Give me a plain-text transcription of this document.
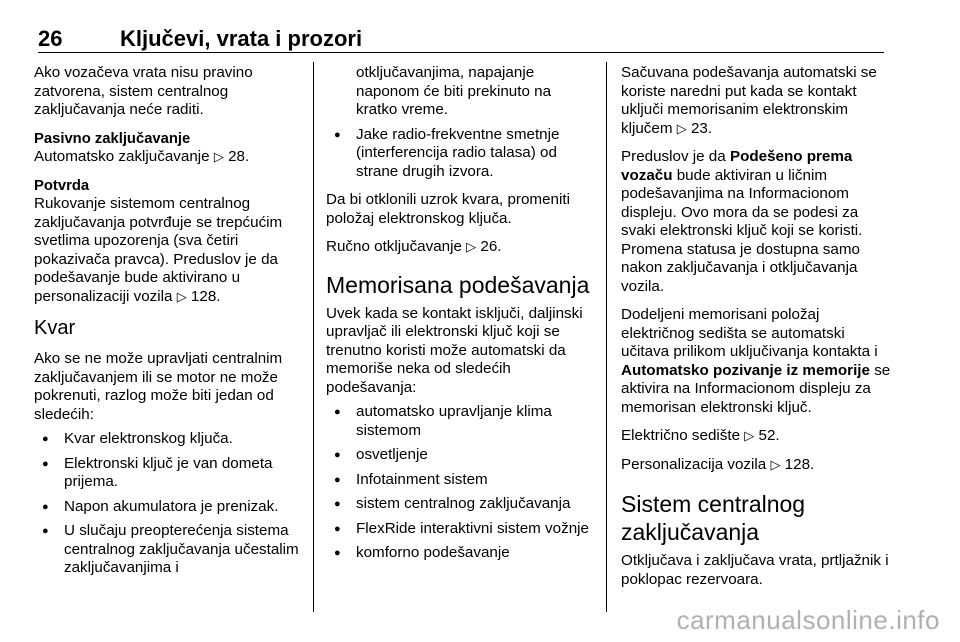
26	Ključevi, vrata i prozori

Ako vozačeva vrata nisu pravino zatvorena, sistem centralnog zaključavanja neće raditi.

Pasivno zaključavanje

Automatsko zaključavanje ▷ 28.

Potvrda

Rukovanje sistemom centralnog zaključavanja potvrđuje se trepćućim svetlima upozorenja (sva četiri pokazivača pravca). Preduslov je da podešavanje bude aktivirano u personalizaciji vozila ▷ 128.

Kvar

Ako se ne može upravljati centralnim zaključavanjem ili se motor ne može pokrenuti, razlog može biti jedan od sledećih:

● Kvar elektronskog ključa.
● Elektronski ključ je van dometa prijema.
● Napon akumulatora je prenizak.
● U slučaju preopterećenja sistema centralnog zaključavanja učestalim zaključavanjima i
otključavanjima, napajanje naponom će biti prekinuto na kratko vreme.
● Jake radio-frekventne smetnje (interferencija radio talasa) od strane drugih izvora.

Da bi otklonili uzrok kvara, promeniti položaj elektronskog ključa.

Ručno otključavanje ▷ 26.

Memorisana podešavanja

Uvek kada se kontakt isključi, daljinski upravljač ili elektronski ključ koji se trenutno koristi može automatski da memoriše neka od sledećih podešavanja:

● automatsko upravljanje klima sistemom
● osvetljenje
● Infotainment sistem
● sistem centralnog zaključavanja
● FlexRide interaktivni sistem vožnje
● komforno podešavanje

Sačuvana podešavanja automatski se koriste naredni put kada se kontakt uključi memorisanim elektronskim ključem ▷ 23.

Preduslov je da Podešeno prema vozaču bude aktiviran u ličnim podešavanjima na Informacionom displeju. Ovo mora da se podesi za svaki elektronski ključ koji se koristi. Promena statusa je dostupna samo nakon zaključavanja i otključavanja vozila.

Dodeljeni memorisani položaj električnog sedišta se automatski učitava prilikom uključivanja kontakta i Automatsko pozivanje iz memorije se aktivira na Informacionom displeju za memorisan elektronski ključ.

Električno sedište ▷ 52.

Personalizacija vozila ▷ 128.

Sistem centralnog zaključavanja

Otključava i zaključava vrata, prtljažnik i poklopac rezervoara.

carmanualsonline.info
